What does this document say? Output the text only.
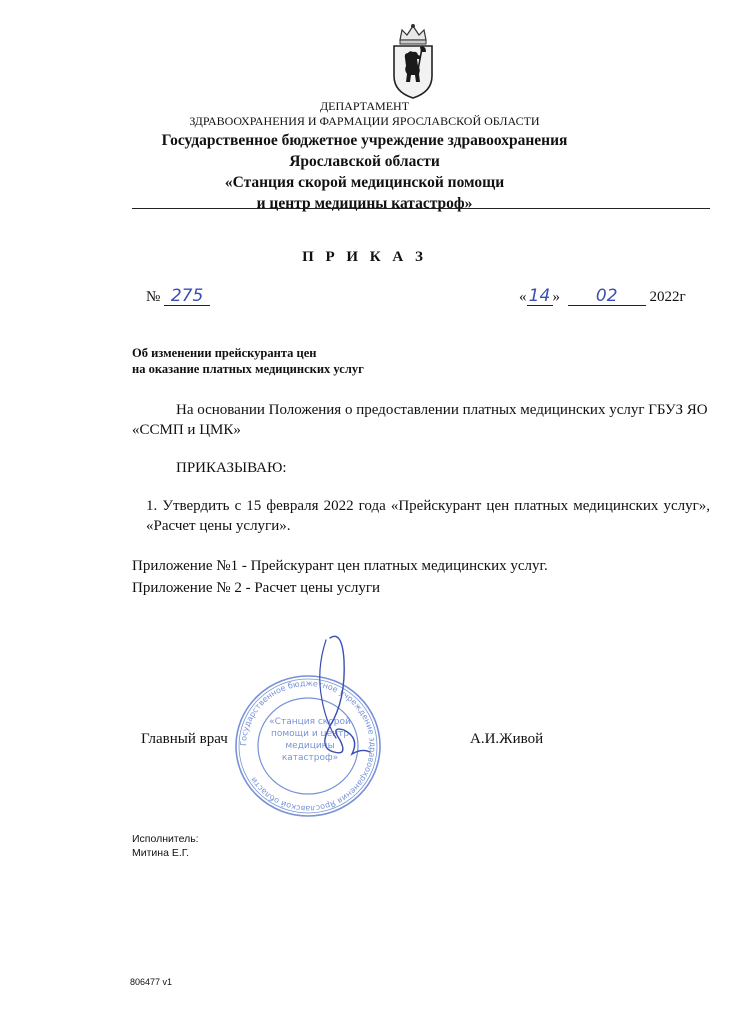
ДЕПАРТАМЕНТ
ЗДРАВООХРАНЕНИЯ И ФАРМАЦИИ ЯРОСЛАВСКОЙ ОБЛАСТИ
Государственное бюджетное учреждение здравоохранения
Ярославской области
«Станция скорой медицинской помощи
и центр медицины катастроф»
П Р И К А З
№ 275	« 14 » 02 2022г
Об изменении прейскуранта цен
на оказание платных медицинских услуг
На основании Положения о предоставлении платных медицинских услуг ГБУЗ ЯО «ССМП и ЦМК»
ПРИКАЗЫВАЮ:
1. Утвердить с 15 февраля 2022 года «Прейскурант цен платных медицинских услуг», «Расчет цены услуги».
Приложение №1 - Прейскурант цен платных медицинских услуг.
Приложение № 2 - Расчет цены услуги
Государственное бюджетное учреждение здравоохранения Ярославской области
«Станция скорой
помощи и центр
медицины
катастроф»
Главный врач	А.И.Живой
Исполнитель:
Митина Е.Г.
806477 v1
